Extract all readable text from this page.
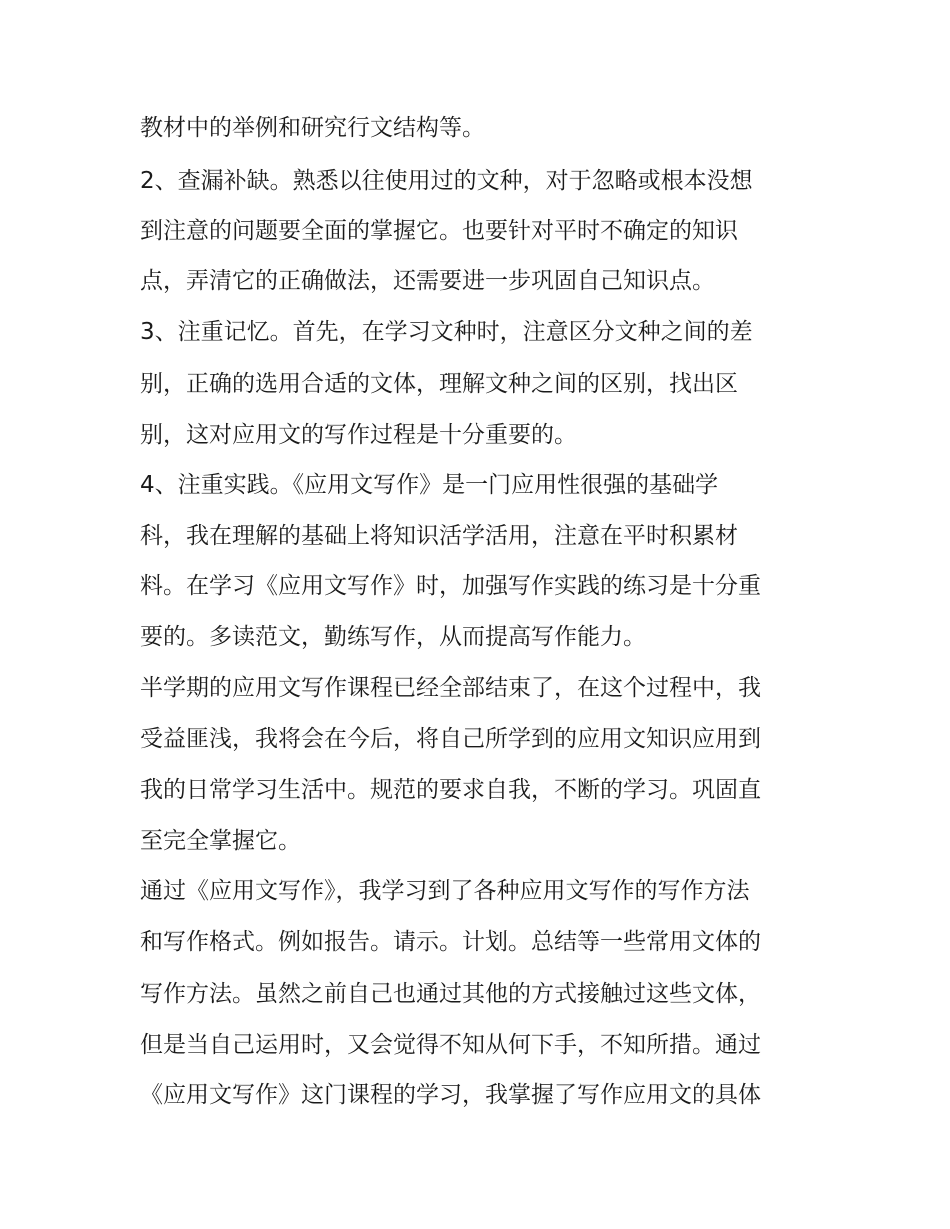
教材中的举例和研究行文结构等。

2、查漏补缺。熟悉以往使用过的文种，对于忽略或根本没想

到注意的问题要全面的掌握它。也要针对平时不确定的知识

点，弄清它的正确做法，还需要进一步巩固自己知识点。

3、注重记忆。首先，在学习文种时，注意区分文种之间的差

别，正确的选用合适的文体，理解文种之间的区别，找出区

别，这对应用文的写作过程是十分重要的。

4、注重实践。《应用文写作》是一门应用性很强的基础学

科，我在理解的基础上将知识活学活用，注意在平时积累材

料。在学习《应用文写作》时，加强写作实践的练习是十分重

要的。多读范文，勤练写作，从而提高写作能力。

半学期的应用文写作课程已经全部结束了，在这个过程中，我

受益匪浅，我将会在今后，将自己所学到的应用文知识应用到

我的日常学习生活中。规范的要求自我，不断的学习。巩固直

至完全掌握它。

通过《应用文写作》，我学习到了各种应用文写作的写作方法

和写作格式。例如报告。请示。计划。总结等一些常用文体的

写作方法。虽然之前自己也通过其他的方式接触过这些文体，

但是当自己运用时，又会觉得不知从何下手，不知所措。通过

《应用文写作》这门课程的学习，我掌握了写作应用文的具体
